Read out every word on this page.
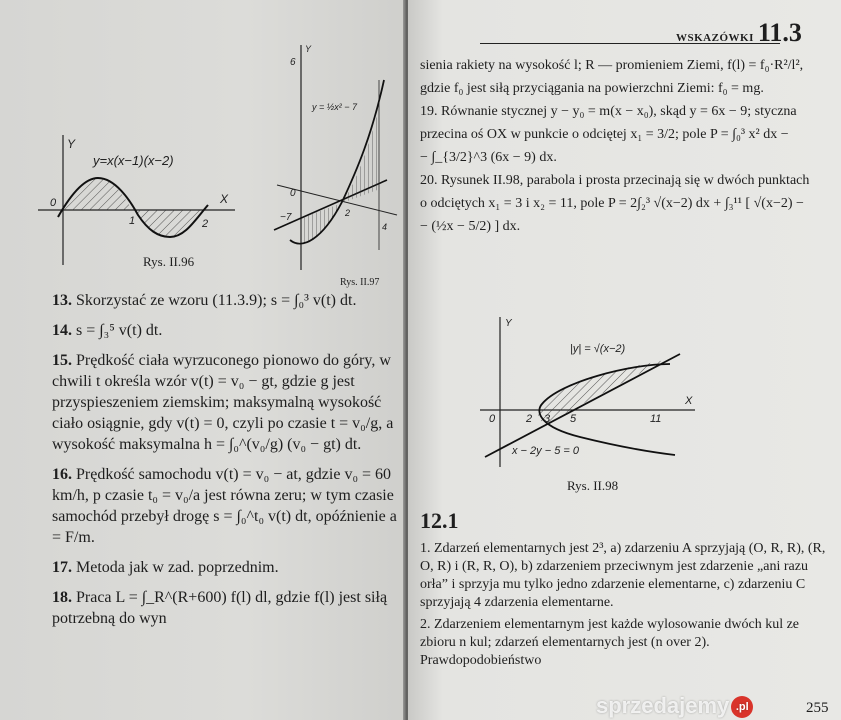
y=x(x−1)(x−2)
X
Y
0
1	2
Rys. II.96
y = ½x² − 7
6
0
−7	2
4
Y
Rys. II.97

13. Skorzystać ze wzoru (11.3.9); s = ∫₀³ v(t) dt.

14. s = ∫₃⁵ v(t) dt.

15. Prędkość ciała wyrzuconego pionowo do góry, w chwili t określa wzór v(t) = v₀ − gt, gdzie g jest przyspieszeniem ziemskim; maksymalną wysokość ciało osiągnie, gdy v(t) = 0, czyli po czasie t = v₀/g, a wysokość maksymalna h = ∫₀^(v₀/g) (v₀ − gt) dt.

16. Prędkość samochodu v(t) = v₀ − at, gdzie v₀ = 60 km/h, p czasie t₀ = v₀/a jest równa zeru; w tym czasie samochód przebył drogę s = ∫₀^t₀ v(t) dt, opóźnienie a = F/m.

17. Metoda jak w zad. poprzednim.

18. Praca L = ∫_R^(R+600) f(l) dl, gdzie f(l) jest siłą potrzebną do wyn

WSKAZÓWKI 11.3

sienia rakiety na wysokość l; R — promieniem Ziemi, f(l) = f₀·R²/l²,

gdzie f₀ jest siłą przyciągania na powierzchni Ziemi: f₀ = mg.

19. Równanie stycznej y − y₀ = m(x − x₀), skąd y = 6x − 9; styczna

przecina oś OX w punkcie o odciętej x₁ = 3/2; pole P = ∫₀³ x² dx −

− ∫_{3/2}^3 (6x − 9) dx.

20. Rysunek II.98, parabola i prosta przecinają się w dwóch punktach

o odciętych x₁ = 3 i x₂ = 11, pole P = 2∫₂³ √(x−2) dx + ∫₃¹¹ [ √(x−2) −

− (½x − 5/2) ] dx.

|y| = √(x−2)
x − 2y − 5 = 0
X
Y
0	2 3 5	11
Rys. II.98
12.1

1. Zdarzeń elementarnych jest 2³, a) zdarzeniu A sprzyjają (O, R, R), (R, O, R) i (R, R, O), b) zdarzeniem przeciwnym jest zdarzenie „ani razu orła” i sprzyja mu tylko jedno zdarzenie elementarne, c) zdarzeniu C sprzyjają 4 zdarzenia elementarne.

2. Zdarzeniem elementarnym jest każde wylosowanie dwóch kul ze zbioru n kul; zdarzeń elementarnych jest (n over 2). Prawdopodobieństwo

255
sprzedajemy .pl
